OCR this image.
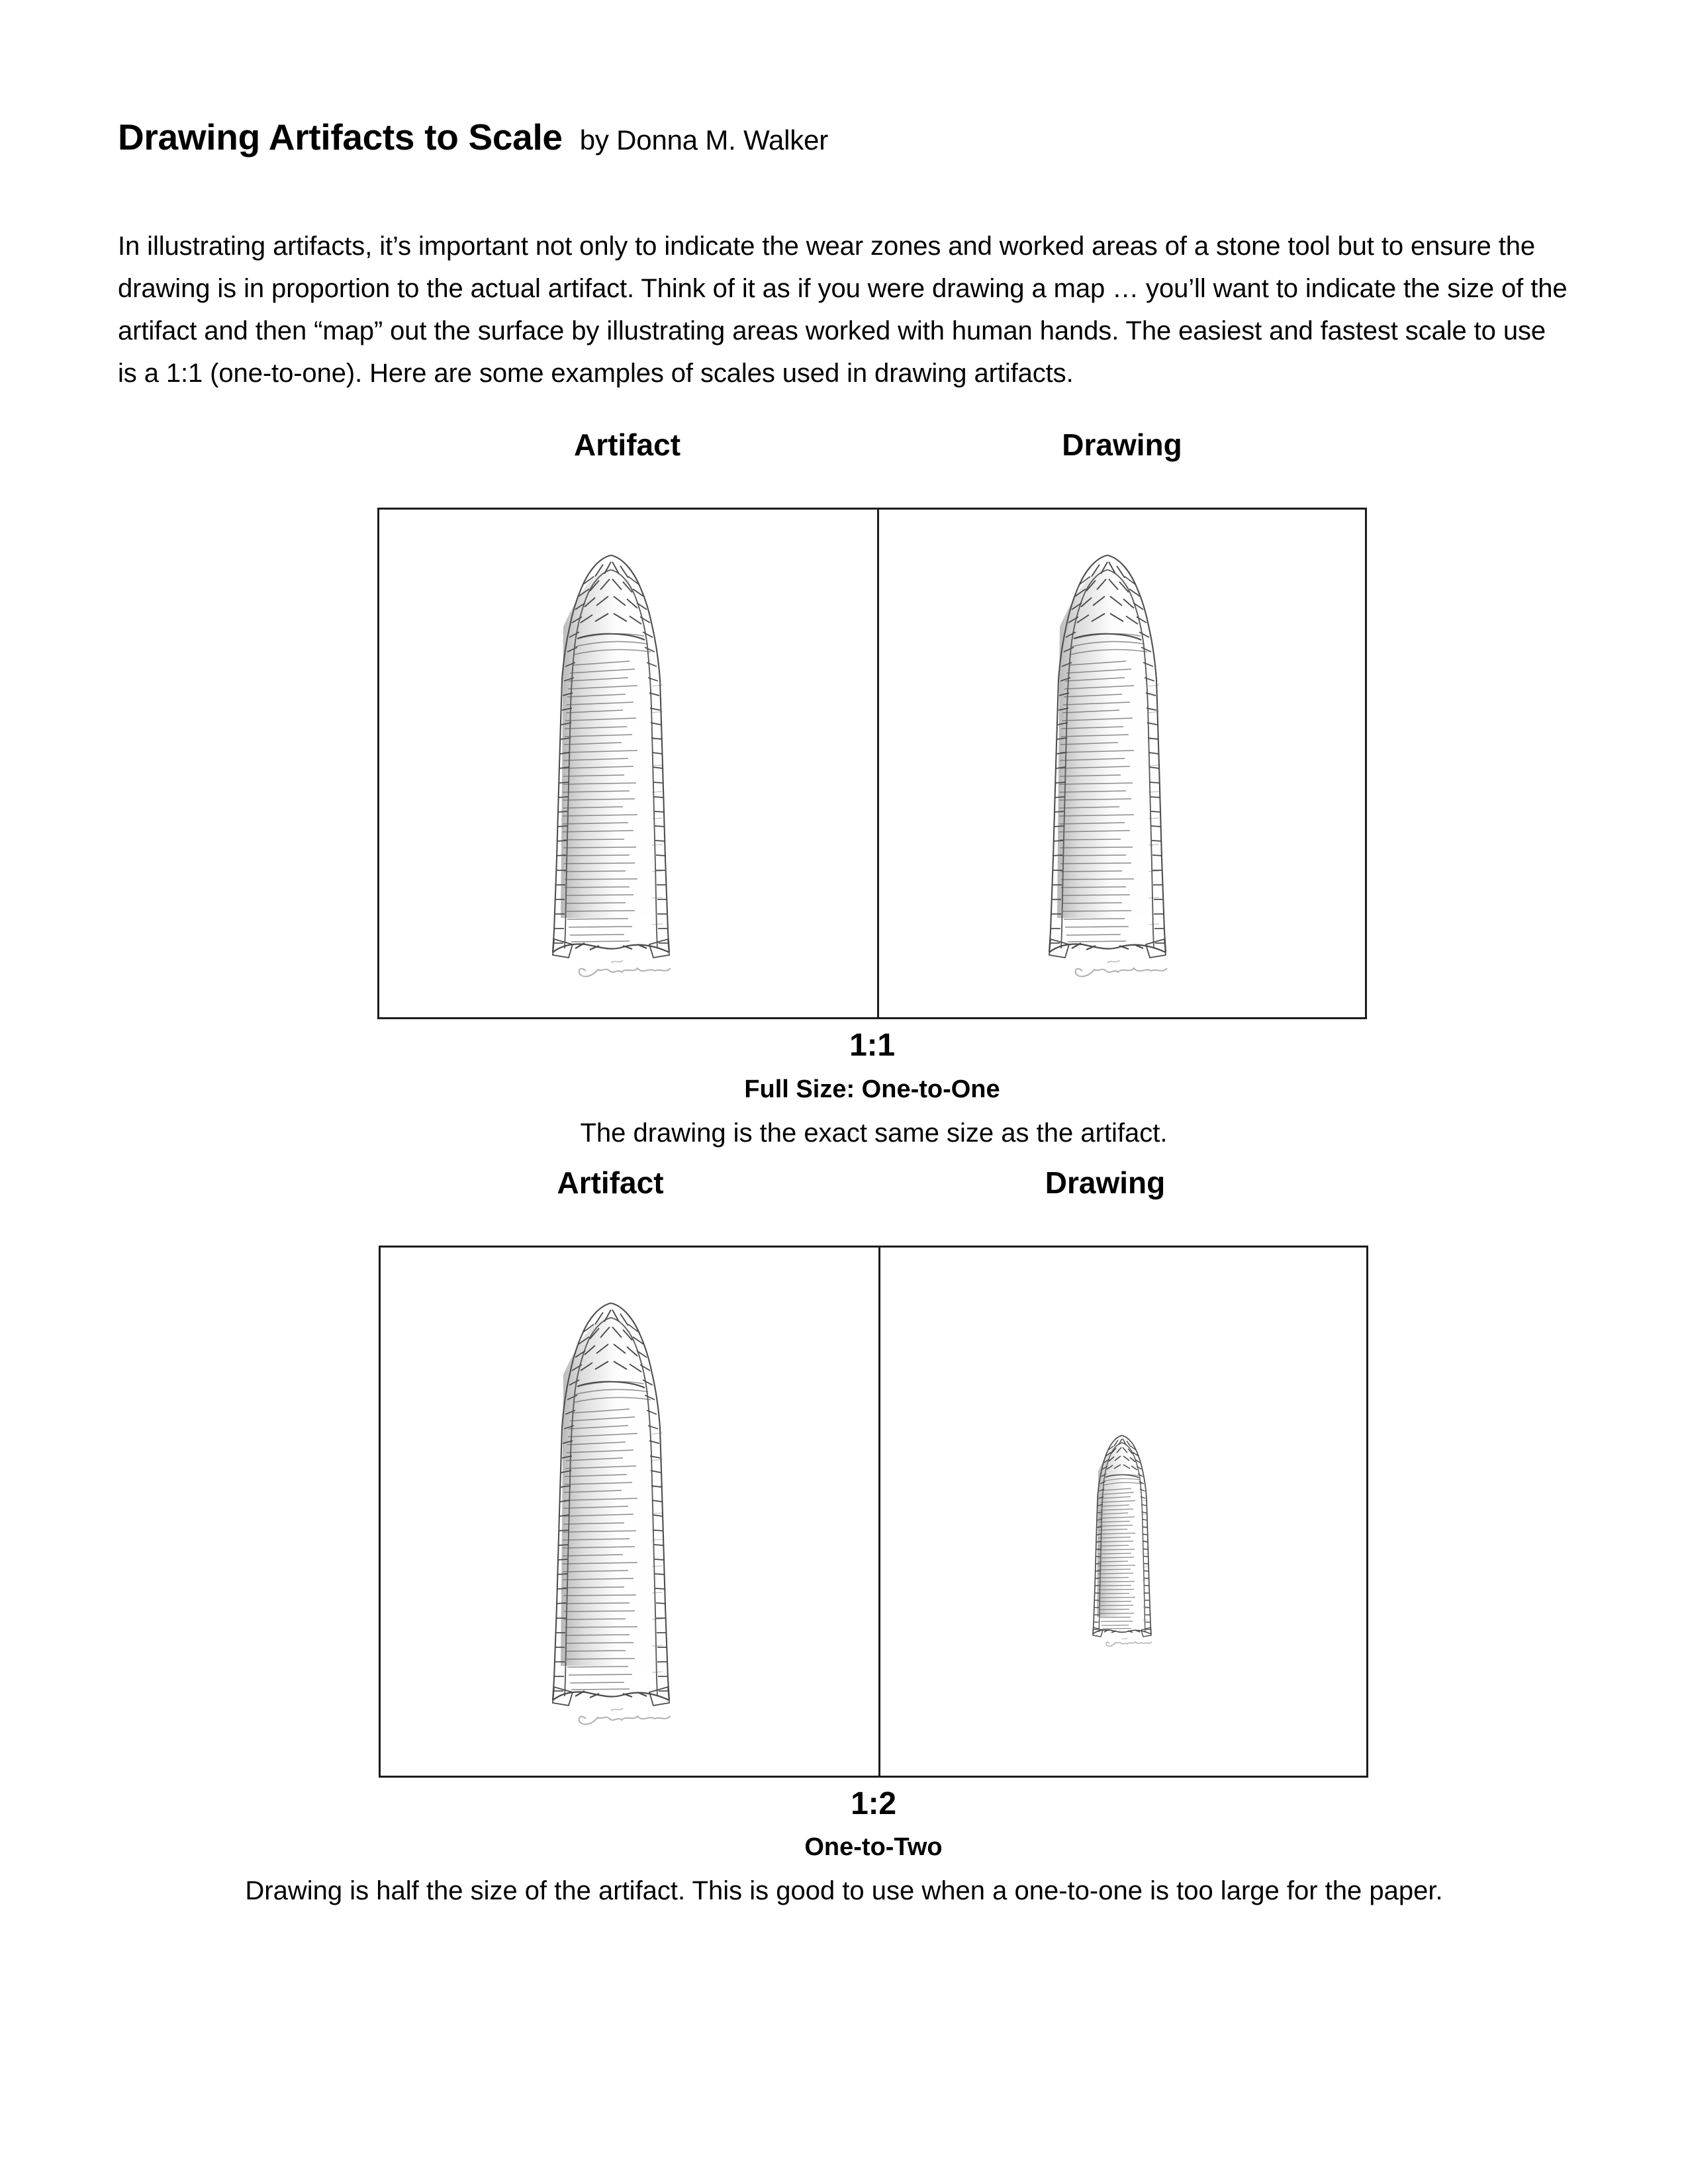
Drawing Artifacts to Scale by Donna M. Walker

In illustrating artifacts, it’s important not only to indicate the wear zones and worked areas of a stone tool but to ensure the drawing is in proportion to the actual artifact. Think of it as if you were drawing a map … you’ll want to indicate the size of the artifact and then “map” out the surface by illustrating areas worked with human hands. The easiest and fastest scale to use is a 1:1 (one-to-one). Here are some examples of scales used in drawing artifacts.

Artifact	Drawing
1:1
Full Size: One-to-One
The drawing is the exact same size as the artifact.
Artifact	Drawing
1:2
One-to-Two
Drawing is half the size of the artifact. This is good to use when a one-to-one is too large for the paper.
